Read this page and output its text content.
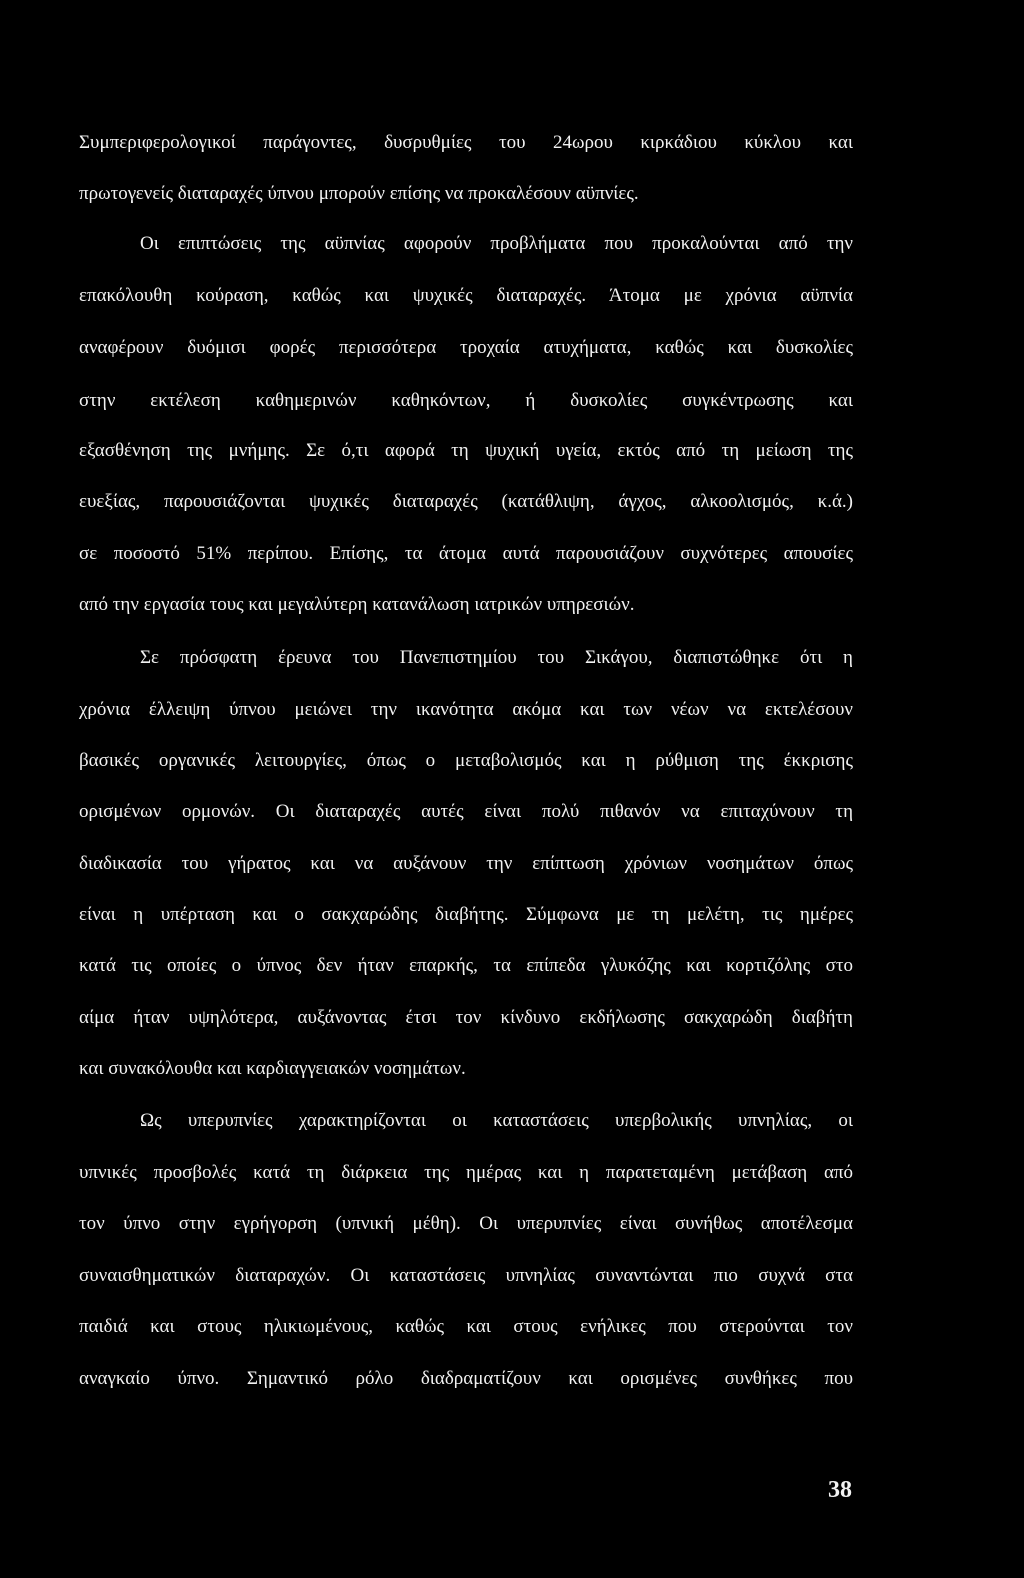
Συμπεριφερολογικοί παράγοντες, δυσρυθμίες του 24ωρου κιρκάδιου κύκλου και
πρωτογενείς διαταραχές ύπνου μπορούν επίσης να προκαλέσουν αϋπνίες.
Οι επιπτώσεις της αϋπνίας αφορούν προβλήματα που προκαλούνται από την
επακόλουθη κούραση, καθώς και ψυχικές διαταραχές. Άτομα με χρόνια αϋπνία
αναφέρουν δυόμισι φορές περισσότερα τροχαία ατυχήματα, καθώς και δυσκολίες
στην εκτέλεση καθημερινών καθηκόντων, ή δυσκολίες συγκέντρωσης και
εξασθένηση της μνήμης. Σε ό,τι αφορά τη ψυχική υγεία, εκτός από τη μείωση της
ευεξίας, παρουσιάζονται ψυχικές διαταραχές (κατάθλιψη, άγχος, αλκοολισμός, κ.ά.)
σε ποσοστό 51% περίπου. Επίσης, τα άτομα αυτά παρουσιάζουν συχνότερες απουσίες
από την εργασία τους και μεγαλύτερη κατανάλωση ιατρικών υπηρεσιών.
Σε πρόσφατη έρευνα του Πανεπιστημίου του Σικάγου, διαπιστώθηκε ότι η
χρόνια έλλειψη ύπνου μειώνει την ικανότητα ακόμα και των νέων να εκτελέσουν
βασικές οργανικές λειτουργίες, όπως ο μεταβολισμός και η ρύθμιση της έκκρισης
ορισμένων ορμονών. Οι διαταραχές αυτές είναι πολύ πιθανόν να επιταχύνουν τη
διαδικασία του γήρατος και να αυξάνουν την επίπτωση χρόνιων νοσημάτων όπως
είναι η υπέρταση και ο σακχαρώδης διαβήτης. Σύμφωνα με τη μελέτη, τις ημέρες
κατά τις οποίες ο ύπνος δεν ήταν επαρκής, τα επίπεδα γλυκόζης και κορτιζόλης στο
αίμα ήταν υψηλότερα, αυξάνοντας έτσι τον κίνδυνο εκδήλωσης σακχαρώδη διαβήτη
και συνακόλουθα και καρδιαγγειακών νοσημάτων.
Ως υπερυπνίες χαρακτηρίζονται οι καταστάσεις υπερβολικής υπνηλίας, οι
υπνικές προσβολές κατά τη διάρκεια της ημέρας και η παρατεταμένη μετάβαση από
τον ύπνο στην εγρήγορση (υπνική μέθη). Οι υπερυπνίες είναι συνήθως αποτέλεσμα
συναισθηματικών διαταραχών. Οι καταστάσεις υπνηλίας συναντώνται πιο συχνά στα
παιδιά και στους ηλικιωμένους, καθώς και στους ενήλικες που στερούνται τον
αναγκαίο ύπνο. Σημαντικό ρόλο διαδραματίζουν και ορισμένες συνθήκες που
38
